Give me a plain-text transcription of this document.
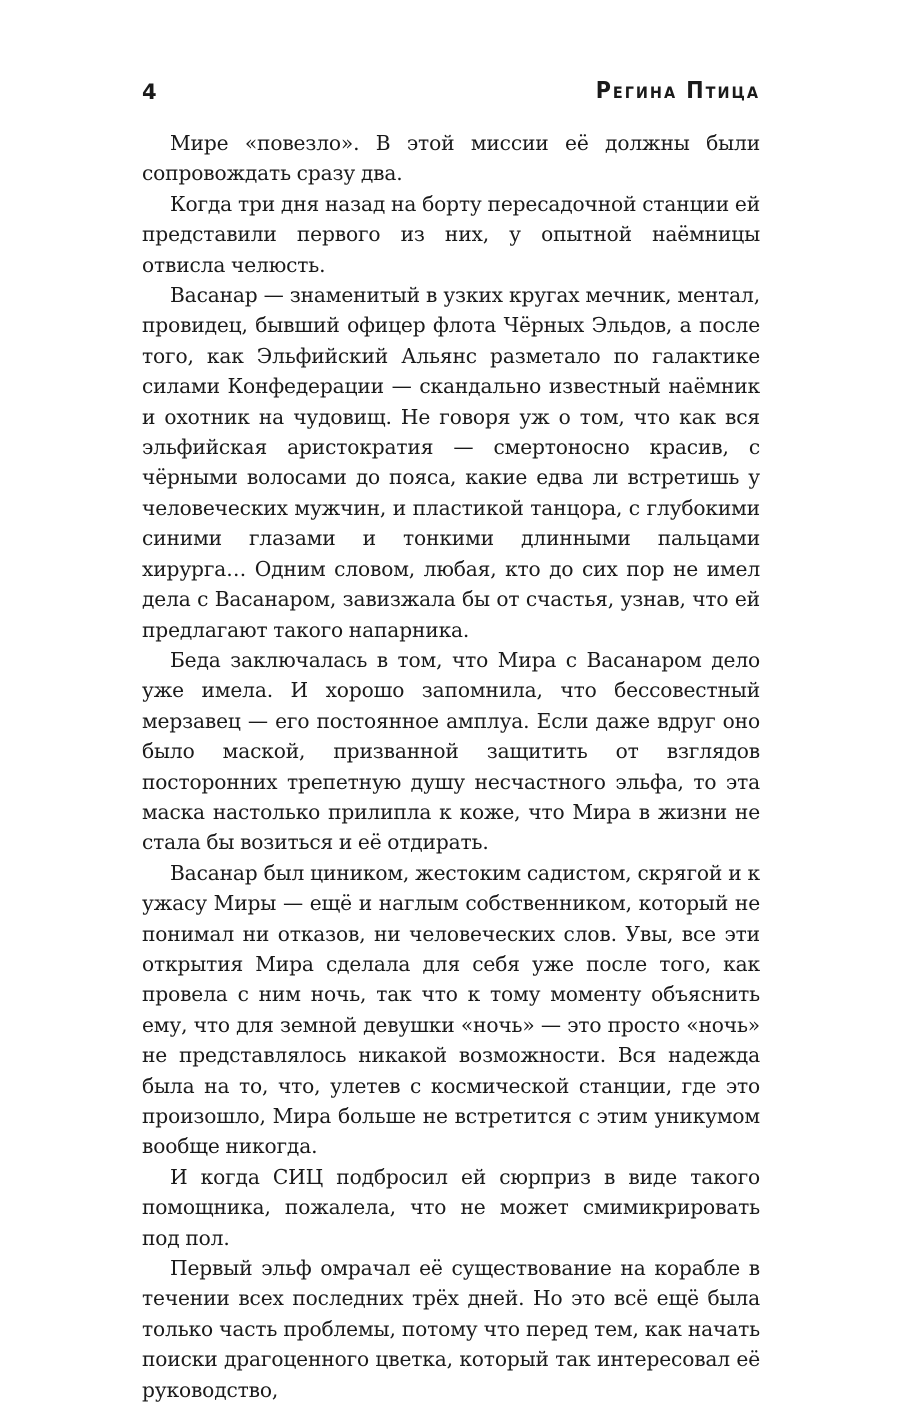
4	Регина Птица

Мире «повезло». В этой миссии её должны были сопровождать сразу два.

Когда три дня назад на борту пересадочной станции ей представили первого из них, у опытной наёмницы отвисла челюсть.

Васанар — знаменитый в узких кругах мечник, ментал, провидец, бывший офицер флота Чёрных Эльдов, а после того, как Эльфийский Альянс разметало по галактике силами Конфедерации — скандально известный наёмник и охотник на чудовищ. Не говоря уж о том, что как вся эльфийская аристократия — смертоносно красив, с чёрными волосами до пояса, какие едва ли встретишь у человеческих мужчин, и пластикой танцора, с глубокими синими глазами и тонкими длинными пальцами хирурга… Одним словом, любая, кто до сих пор не имел дела с Васанаром, завизжала бы от счастья, узнав, что ей предлагают такого напарника.

Беда заключалась в том, что Мира с Васанаром дело уже имела. И хорошо запомнила, что бессовестный мерзавец — его постоянное амплуа. Если даже вдруг оно было маской, призванной защитить от взглядов посторонних трепетную душу несчастного эльфа, то эта маска настолько прилипла к коже, что Мира в жизни не стала бы возиться и её отдирать.

Васанар был циником, жестоким садистом, скрягой и к ужасу Миры — ещё и наглым собственником, который не понимал ни отказов, ни человеческих слов. Увы, все эти открытия Мира сделала для себя уже после того, как провела с ним ночь, так что к тому моменту объяснить ему, что для земной девушки «ночь» — это просто «ночь» не представлялось никакой возможности. Вся надежда была на то, что, улетев с космической станции, где это произошло, Мира больше не встретится с этим уникумом вообще никогда.

И когда СИЦ подбросил ей сюрприз в виде такого помощника, пожалела, что не может смимикрировать под пол.

Первый эльф омрачал её существование на корабле в течении всех последних трёх дней. Но это всё ещё была только часть проблемы, потому что перед тем, как начать поиски драгоценного цветка, который так интересовал её руководство,
